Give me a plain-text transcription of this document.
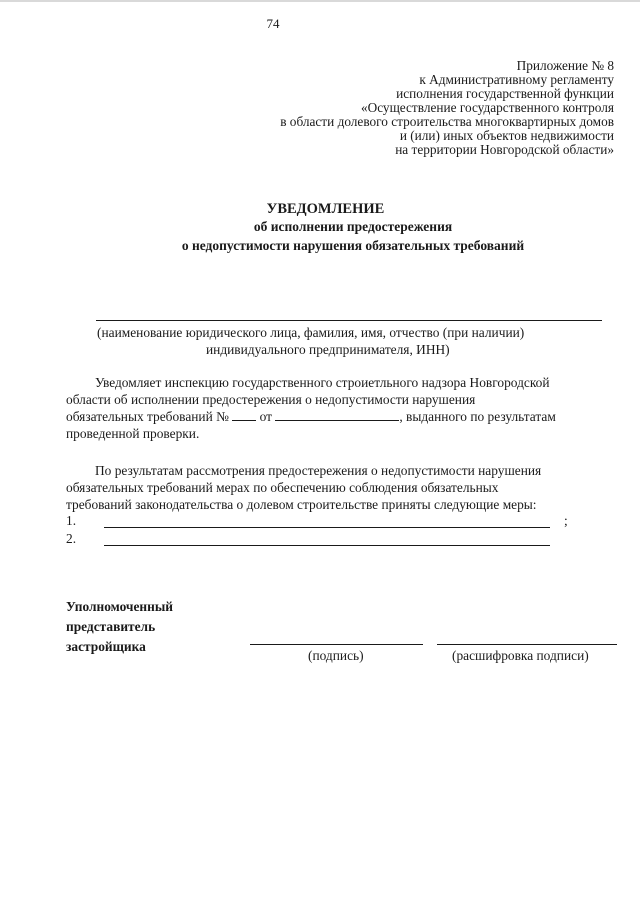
74
Приложение № 8
к Административному регламенту
исполнения государственной функции
«Осуществление государственного контроля
в области долевого строительства многоквартирных домов
и (или) иных объектов недвижимости
на территории Новгородской области»
УВЕДОМЛЕНИЕ
об исполнении предостережения
о недопустимости нарушения обязательных требований
(наименование юридического лица, фамилия, имя, отчество (при наличии)
индивидуального предпринимателя, ИНН)
Уведомляет инспекцию государственного строиетльного надзора Новгородской
области об исполнении предостережения о недопустимости нарушения
обязательных требований № от	, выданного по результатам
проведенной проверки.
По результатам рассмотрения предостережения о недопустимости нарушения
обязательных требований мерах по обеспечению соблюдения обязательных
требований законодательства о долевом строительстве приняты следующие меры:
1.	;
2.
Уполномоченный
представитель
застройщика
(подпись)	(расшифровка подписи)
